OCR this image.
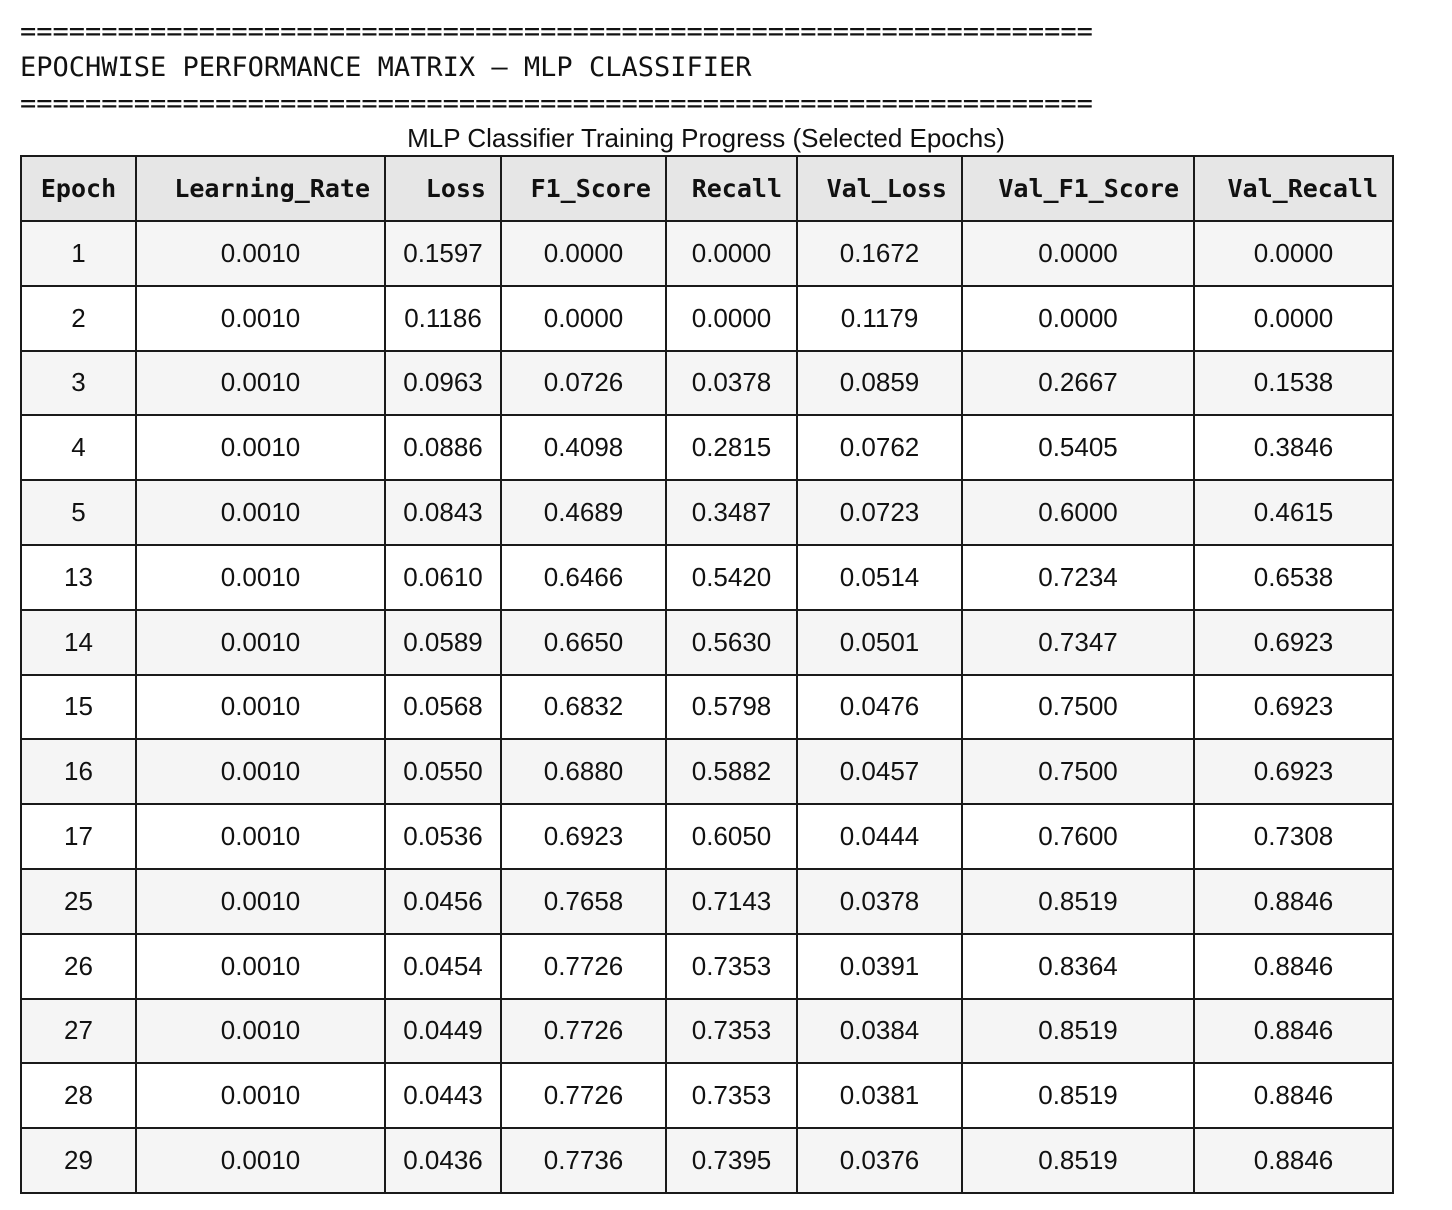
==================================================================
EPOCHWISE PERFORMANCE MATRIX – MLP CLASSIFIER
==================================================================
MLP Classifier Training Progress (Selected Epochs)
Epoch	Learning_Rate	Loss	F1_Score	Recall	Val_Loss	Val_F1_Score	Val_Recall
1	0.0010	0.1597	0.0000	0.0000	0.1672	0.0000	0.0000
2	0.0010	0.1186	0.0000	0.0000	0.1179	0.0000	0.0000
3	0.0010	0.0963	0.0726	0.0378	0.0859	0.2667	0.1538
4	0.0010	0.0886	0.4098	0.2815	0.0762	0.5405	0.3846
5	0.0010	0.0843	0.4689	0.3487	0.0723	0.6000	0.4615
13	0.0010	0.0610	0.6466	0.5420	0.0514	0.7234	0.6538
14	0.0010	0.0589	0.6650	0.5630	0.0501	0.7347	0.6923
15	0.0010	0.0568	0.6832	0.5798	0.0476	0.7500	0.6923
16	0.0010	0.0550	0.6880	0.5882	0.0457	0.7500	0.6923
17	0.0010	0.0536	0.6923	0.6050	0.0444	0.7600	0.7308
25	0.0010	0.0456	0.7658	0.7143	0.0378	0.8519	0.8846
26	0.0010	0.0454	0.7726	0.7353	0.0391	0.8364	0.8846
27	0.0010	0.0449	0.7726	0.7353	0.0384	0.8519	0.8846
28	0.0010	0.0443	0.7726	0.7353	0.0381	0.8519	0.8846
29	0.0010	0.0436	0.7736	0.7395	0.0376	0.8519	0.8846
